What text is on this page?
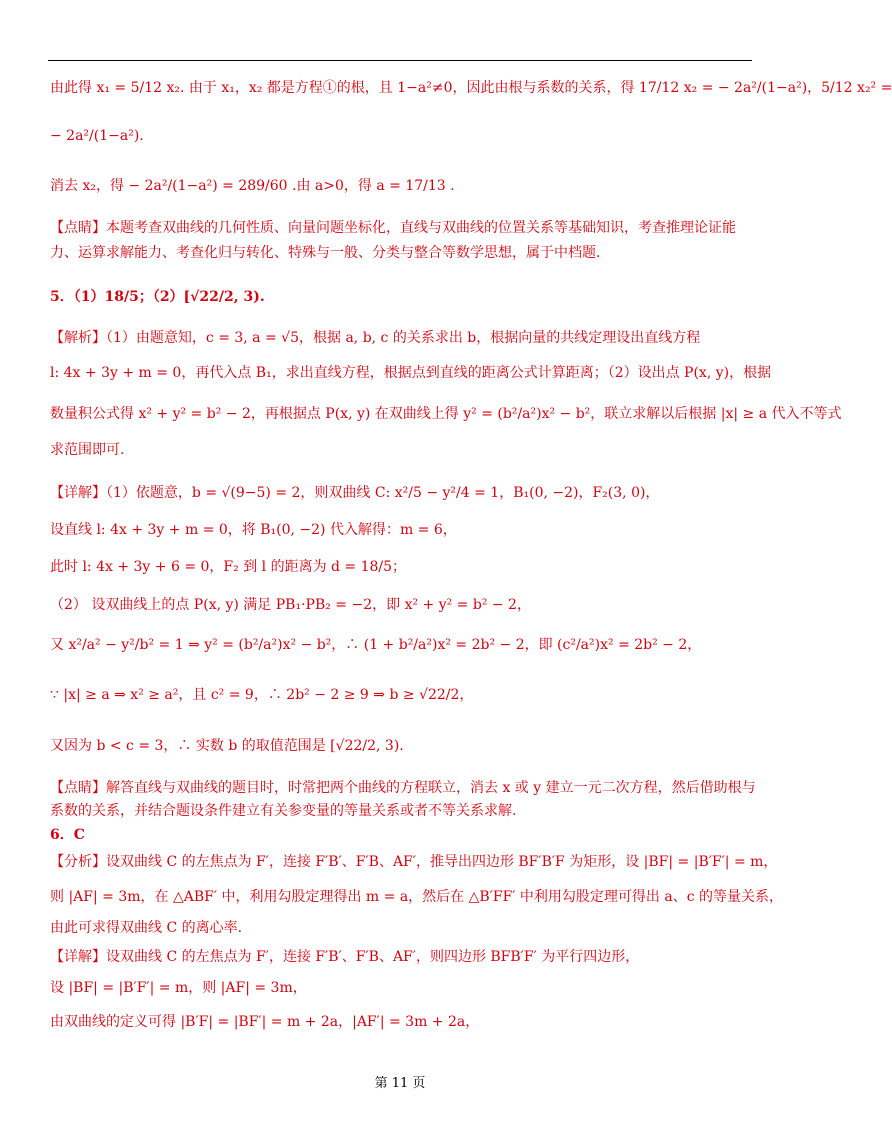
由此得 x₁ = 5/12 x₂. 由于 x₁，x₂ 都是方程①的根，且 1−a²≠0，因此由根与系数的关系，得 17/12 x₂ = − 2a²/(1−a²)，5/12 x₂² =
− 2a²/(1−a²).
消去 x₂，得 − 2a²/(1−a²) = 289/60 .由 a>0，得 a = 17/13 .
【点睛】本题考查双曲线的几何性质、向量问题坐标化，直线与双曲线的位置关系等基础知识，考查推理论证能
力、运算求解能力、考查化归与转化、特殊与一般、分类与整合等数学思想，属于中档题.
5．（1）18/5；（2）[√22/2, 3).
【解析】（1）由题意知，c = 3, a = √5，根据 a, b, c 的关系求出 b，根据向量的共线定理设出直线方程
l: 4x + 3y + m = 0，再代入点 B₁，求出直线方程，根据点到直线的距离公式计算距离；（2）设出点 P(x, y)，根据
数量积公式得 x² + y² = b² − 2，再根据点 P(x, y) 在双曲线上得 y² = (b²/a²)x² − b²，联立求解以后根据 |x| ≥ a 代入不等式
求范围即可.
【详解】（1）依题意，b = √(9−5) = 2，则双曲线 C: x²/5 − y²/4 = 1，B₁(0, −2)，F₂(3, 0)，
设直线 l: 4x + 3y + m = 0，将 B₁(0, −2) 代入解得：m = 6，
此时 l: 4x + 3y + 6 = 0，F₂ 到 l 的距离为 d = 18/5；
（2） 设双曲线上的点 P(x, y) 满足 PB₁·PB₂ = −2，即 x² + y² = b² − 2，
又 x²/a² − y²/b² = 1 ⇒ y² = (b²/a²)x² − b²，∴ (1 + b²/a²)x² = 2b² − 2，即 (c²/a²)x² = 2b² − 2，
∵ |x| ≥ a ⇒ x² ≥ a²，且 c² = 9，∴ 2b² − 2 ≥ 9 ⇒ b ≥ √22/2，
又因为 b < c = 3，∴ 实数 b 的取值范围是 [√22/2, 3).
【点睛】解答直线与双曲线的题目时，时常把两个曲线的方程联立，消去 x 或 y 建立一元二次方程，然后借助根与
系数的关系，并结合题设条件建立有关参变量的等量关系或者不等关系求解.
6．C
【分析】设双曲线 C 的左焦点为 F′，连接 F′B′、F′B、AF′，推导出四边形 BF′B′F 为矩形，设 |BF| = |B′F′| = m，
则 |AF| = 3m，在 △ABF′ 中，利用勾股定理得出 m = a，然后在 △B′FF′ 中利用勾股定理可得出 a、c 的等量关系，
由此可求得双曲线 C 的离心率.
【详解】设双曲线 C 的左焦点为 F′，连接 F′B′、F′B、AF′，则四边形 BFB′F′ 为平行四边形，
设 |BF| = |B′F′| = m，则 |AF| = 3m，
由双曲线的定义可得 |B′F| = |BF′| = m + 2a，|AF′| = 3m + 2a，
第 11 页
